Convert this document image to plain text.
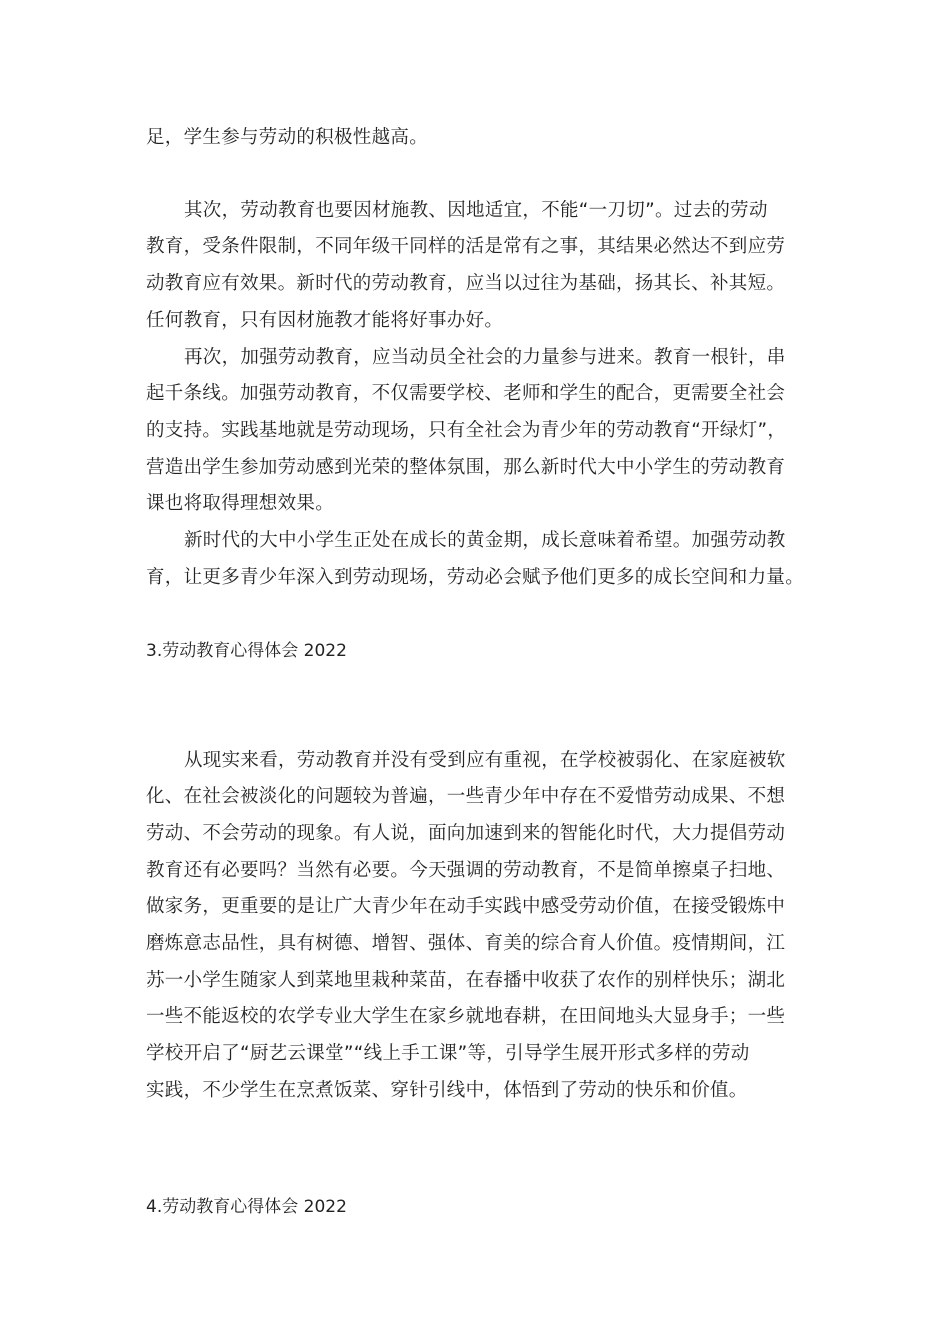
足，学生参与劳动的积极性越高。
其次，劳动教育也要因材施教、因地适宜，不能“一刀切”。过去的劳动
教育，受条件限制，不同年级干同样的活是常有之事，其结果必然达不到应劳
动教育应有效果。新时代的劳动教育，应当以过往为基础，扬其长、补其短。
任何教育，只有因材施教才能将好事办好。
再次，加强劳动教育，应当动员全社会的力量参与进来。教育一根针，串
起千条线。加强劳动教育，不仅需要学校、老师和学生的配合，更需要全社会
的支持。实践基地就是劳动现场，只有全社会为青少年的劳动教育“开绿灯”，
营造出学生参加劳动感到光荣的整体氛围，那么新时代大中小学生的劳动教育
课也将取得理想效果。
新时代的大中小学生正处在成长的黄金期，成长意味着希望。加强劳动教
育，让更多青少年深入到劳动现场，劳动必会赋予他们更多的成长空间和力量。
3.劳动教育心得体会 2022
从现实来看，劳动教育并没有受到应有重视，在学校被弱化、在家庭被软
化、在社会被淡化的问题较为普遍，一些青少年中存在不爱惜劳动成果、不想
劳动、不会劳动的现象。有人说，面向加速到来的智能化时代，大力提倡劳动
教育还有必要吗？当然有必要。今天强调的劳动教育，不是简单擦桌子扫地、
做家务，更重要的是让广大青少年在动手实践中感受劳动价值，在接受锻炼中
磨炼意志品性，具有树德、增智、强体、育美的综合育人价值。疫情期间，江
苏一小学生随家人到菜地里栽种菜苗，在春播中收获了农作的别样快乐；湖北
一些不能返校的农学专业大学生在家乡就地春耕，在田间地头大显身手；一些
学校开启了“厨艺云课堂”“线上手工课”等，引导学生展开形式多样的劳动
实践，不少学生在烹煮饭菜、穿针引线中，体悟到了劳动的快乐和价值。
4.劳动教育心得体会 2022
